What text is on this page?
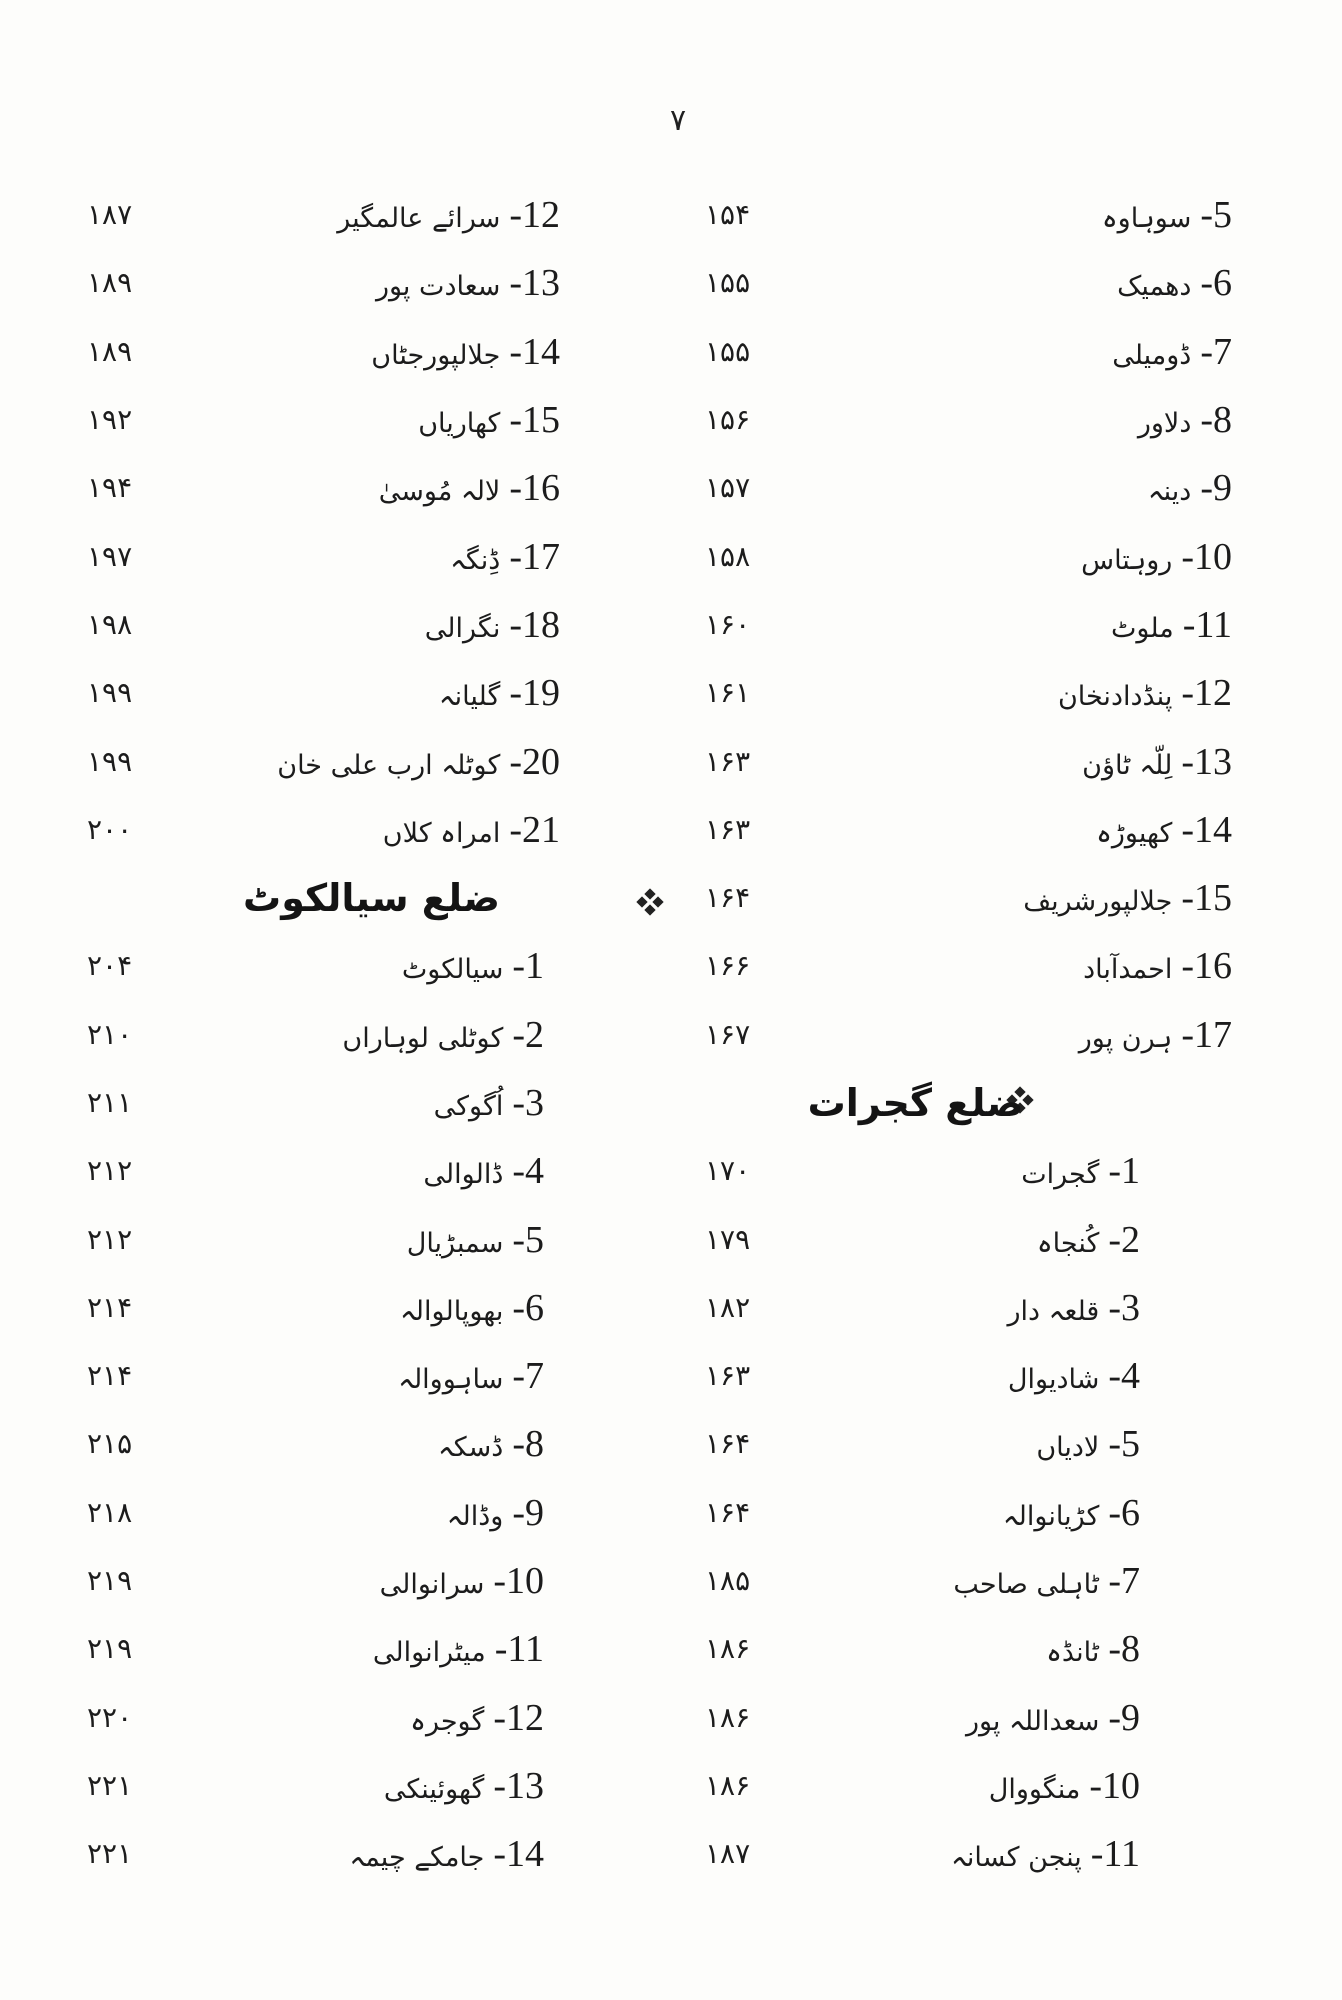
۷
12-
سرائے عالمگیر
۱۸۷
13-
سعادت پور
۱۸۹
14-
جلالپورجٹاں
۱۸۹
15-
کھاریاں
۱۹۲
16-
لالہ مُوسیٰ
۱۹۴
17-
ڈِنگہ
۱۹۷
18-
نگرالی
۱۹۸
19-
گلیانہ
۱۹۹
20-
کوٹلہ ارب علی خان
۱۹۹
21-
امراہ کلاں
۲۰۰
ضلع سیالکوٹ
1-
سیالکوٹ
۲۰۴
2-
کوٹلی لوہاراں
۲۱۰
3-
اُگوکی
۲۱۱
4-
ڈالوالی
۲۱۲
5-
سمبڑیال
۲۱۲
6-
بھوپالوالہ
۲۱۴
7-
ساہووالہ
۲۱۴
8-
ڈسکہ
۲۱۵
9-
وڈالہ
۲۱۸
10-
سرانوالی
۲۱۹
11-
میٹرانوالی
۲۱۹
12-
گوجرہ
۲۲۰
13-
گھوئینکی
۲۲۱
14-
جامکے چیمہ
۲۲۱
5-
سوہاوہ
۱۵۴
6-
دھمیک
۱۵۵
7-
ڈومیلی
۱۵۵
8-
دلاور
۱۵۶
9-
دینہ
۱۵۷
10-
روہتاس
۱۵۸
11-
ملوٹ
۱۶۰
12-
پنڈدادنخان
۱۶۱
13-
لِلّہ ٹاؤن
۱۶۳
14-
کھیوڑہ
۱۶۳
15-
جلالپورشریف
۱۶۴
16-
احمدآباد
۱۶۶
17-
ہرن پور
۱۶۷
ضلع گجرات
1-
گجرات
۱۷۰
2-
کُنجاہ
۱۷۹
3-
قلعہ دار
۱۸۲
4-
شادیوال
۱۶۳
5-
لادیاں
۱۶۴
6-
کڑیانوالہ
۱۶۴
7-
ٹاہلی صاحب
۱۸۵
8-
ٹانڈہ
۱۸۶
9-
سعداللہ پور
۱۸۶
10-
منگووال
۱۸۶
11-
پنجن کسانہ
۱۸۷
